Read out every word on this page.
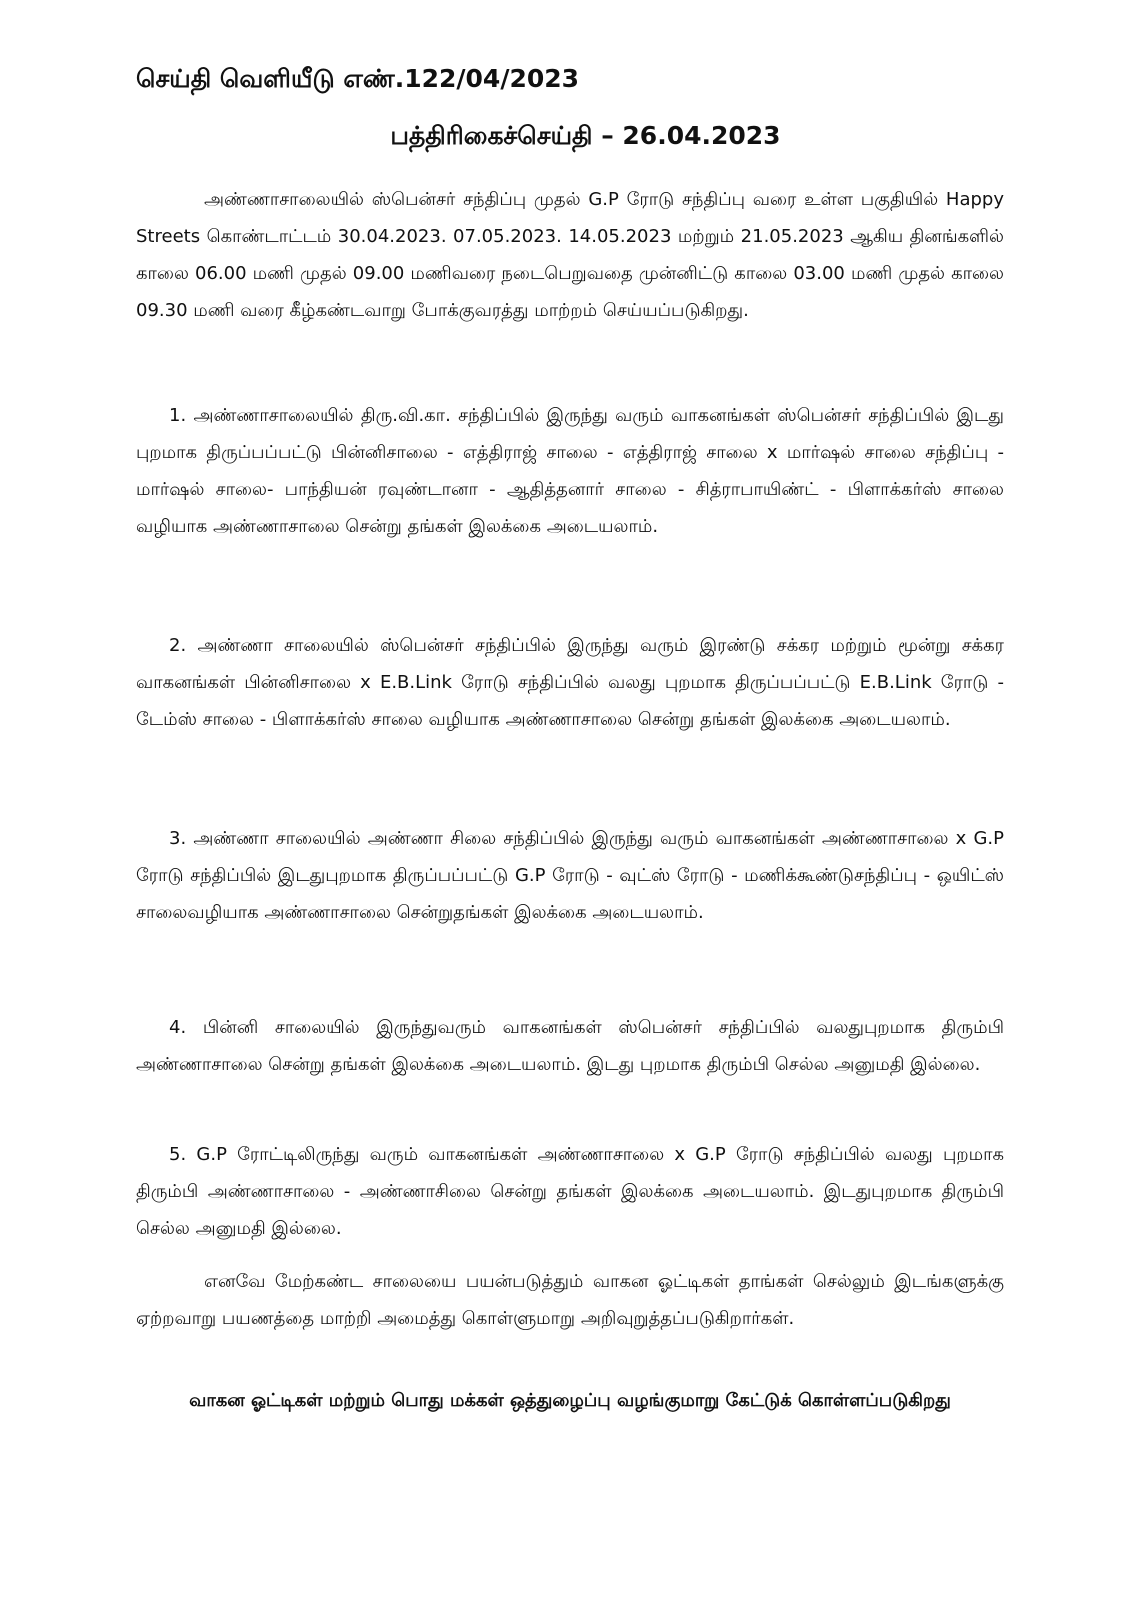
செய்தி வெளியீடு எண்.122/04/2023
பத்திரிகைச்செய்தி – 26.04.2023
அண்ணாசாலையில் ஸ்பென்சர் சந்திப்பு முதல் G.P ரோடு சந்திப்பு வரை உள்ள பகுதியில் Happy Streets கொண்டாட்டம் 30.04.2023. 07.05.2023. 14.05.2023 மற்றும் 21.05.2023 ஆகிய தினங்களில் காலை 06.00 மணி முதல் 09.00 மணிவரை நடைபெறுவதை முன்னிட்டு காலை 03.00 மணி முதல் காலை 09.30 மணி வரை கீழ்கண்டவாறு போக்குவரத்து மாற்றம் செய்யப்படுகிறது.
1. அண்ணாசாலையில் திரு.வி.கா. சந்திப்பில் இருந்து வரும் வாகனங்கள் ஸ்பென்சர் சந்திப்பில் இடது புறமாக திருப்பப்பட்டு பின்னிசாலை - எத்திராஜ் சாலை - எத்திராஜ் சாலை x மார்ஷல் சாலை சந்திப்பு - மார்ஷல் சாலை- பாந்தியன் ரவுண்டானா - ஆதித்தனார் சாலை - சித்ராபாயிண்ட் - பிளாக்கர்ஸ் சாலை வழியாக அண்ணாசாலை சென்று தங்கள் இலக்கை அடையலாம்.
2. அண்ணா சாலையில் ஸ்பென்சர் சந்திப்பில் இருந்து வரும் இரண்டு சக்கர மற்றும் மூன்று சக்கர வாகனங்கள் பின்னிசாலை x E.B.Link ரோடு சந்திப்பில் வலது புறமாக திருப்பப்பட்டு E.B.Link ரோடு - டேம்ஸ் சாலை - பிளாக்கர்ஸ் சாலை வழியாக அண்ணாசாலை சென்று தங்கள் இலக்கை அடையலாம்.
3. அண்ணா சாலையில் அண்ணா சிலை சந்திப்பில் இருந்து வரும் வாகனங்கள் அண்ணாசாலை x G.P ரோடு சந்திப்பில் இடதுபுறமாக திருப்பப்பட்டு G.P ரோடு - வுட்ஸ் ரோடு - மணிக்கூண்டுசந்திப்பு - ஒயிட்ஸ் சாலைவழியாக அண்ணாசாலை சென்றுதங்கள் இலக்கை அடையலாம்.
4. பின்னி சாலையில் இருந்துவரும் வாகனங்கள் ஸ்பென்சர் சந்திப்பில் வலதுபுறமாக திரும்பி அண்ணாசாலை சென்று தங்கள் இலக்கை அடையலாம். இடது புறமாக திரும்பி செல்ல அனுமதி இல்லை.
5. G.P ரோட்டிலிருந்து வரும் வாகனங்கள் அண்ணாசாலை x G.P ரோடு சந்திப்பில் வலது புறமாக திரும்பி அண்ணாசாலை - அண்ணாசிலை சென்று தங்கள் இலக்கை அடையலாம். இடதுபுறமாக திரும்பி செல்ல அனுமதி இல்லை.
எனவே மேற்கண்ட சாலையை பயன்படுத்தும் வாகன ஓட்டிகள் தாங்கள் செல்லும் இடங்களுக்கு ஏற்றவாறு பயணத்தை மாற்றி அமைத்து கொள்ளுமாறு அறிவுறுத்தப்படுகிறார்கள்.
வாகன ஓட்டிகள் மற்றும் பொது மக்கள் ஒத்துழைப்பு வழங்குமாறு கேட்டுக் கொள்ளப்படுகிறது
